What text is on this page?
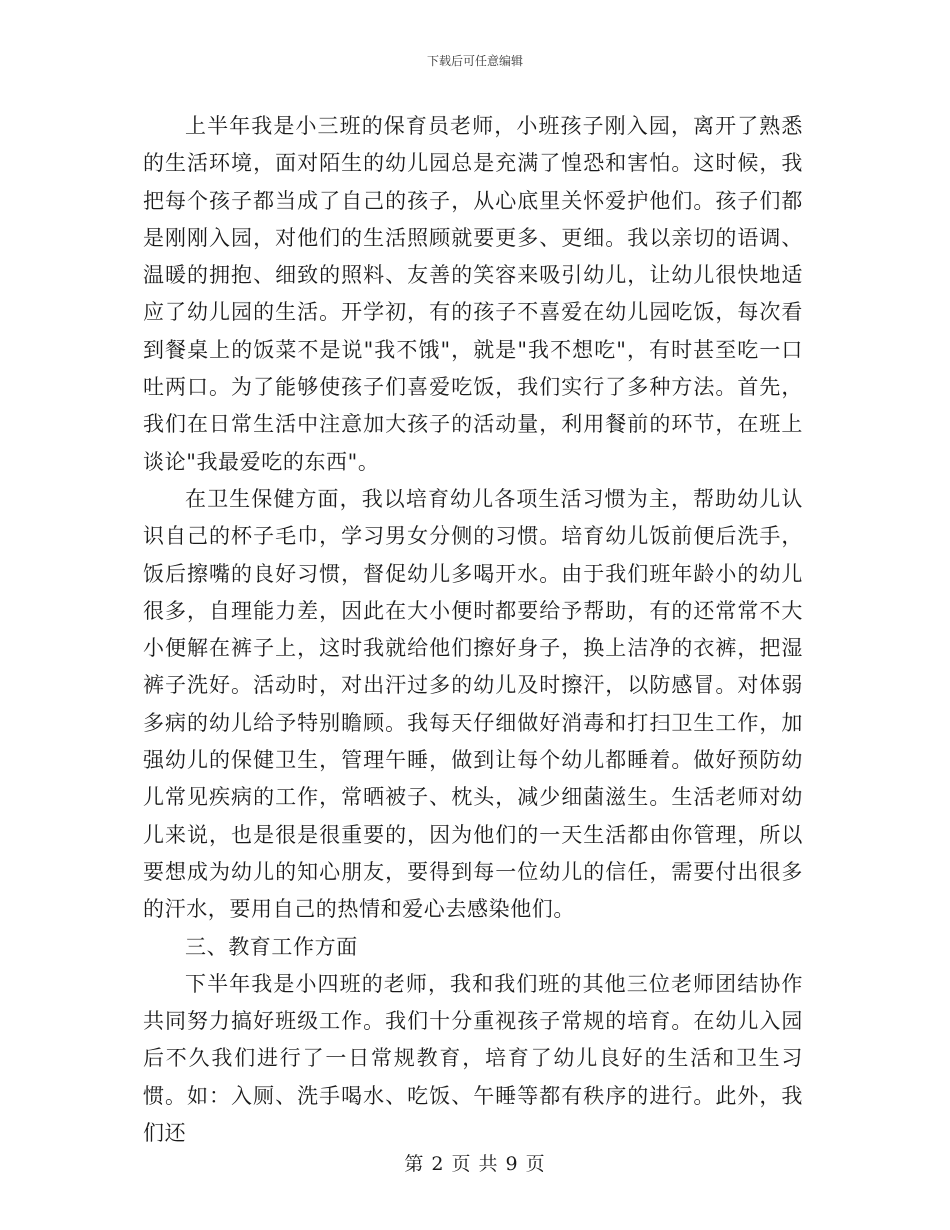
下载后可任意编辑

上半年我是小三班的保育员老师，小班孩子刚入园，离开了熟悉的生活环境，面对陌生的幼儿园总是充满了惶恐和害怕。这时候，我把每个孩子都当成了自己的孩子，从心底里关怀爱护他们。孩子们都是刚刚入园，对他们的生活照顾就要更多、更细。我以亲切的语调、温暖的拥抱、细致的照料、友善的笑容来吸引幼儿，让幼儿很快地适应了幼儿园的生活。开学初，有的孩子不喜爱在幼儿园吃饭，每次看到餐桌上的饭菜不是说"我不饿"，就是"我不想吃"，有时甚至吃一口吐两口。为了能够使孩子们喜爱吃饭，我们实行了多种方法。首先，我们在日常生活中注意加大孩子的活动量，利用餐前的环节，在班上谈论"我最爱吃的东西"。

在卫生保健方面，我以培育幼儿各项生活习惯为主，帮助幼儿认识自己的杯子毛巾，学习男女分侧的习惯。培育幼儿饭前便后洗手，饭后擦嘴的良好习惯，督促幼儿多喝开水。由于我们班年龄小的幼儿很多，自理能力差，因此在大小便时都要给予帮助，有的还常常不大小便解在裤子上，这时我就给他们擦好身子，换上洁净的衣裤，把湿裤子洗好。活动时，对出汗过多的幼儿及时擦汗，以防感冒。对体弱多病的幼儿给予特别瞻顾。我每天仔细做好消毒和打扫卫生工作，加强幼儿的保健卫生，管理午睡，做到让每个幼儿都睡着。做好预防幼儿常见疾病的工作，常晒被子、枕头，减少细菌滋生。生活老师对幼儿来说，也是很是很重要的，因为他们的一天生活都由你管理，所以要想成为幼儿的知心朋友，要得到每一位幼儿的信任，需要付出很多的汗水，要用自己的热情和爱心去感染他们。

三、教育工作方面

下半年我是小四班的老师，我和我们班的其他三位老师团结协作共同努力搞好班级工作。我们十分重视孩子常规的培育。在幼儿入园后不久我们进行了一日常规教育，培育了幼儿良好的生活和卫生习惯。如：入厕、洗手喝水、吃饭、午睡等都有秩序的进行。此外，我们还

第 2 页 共 9 页
